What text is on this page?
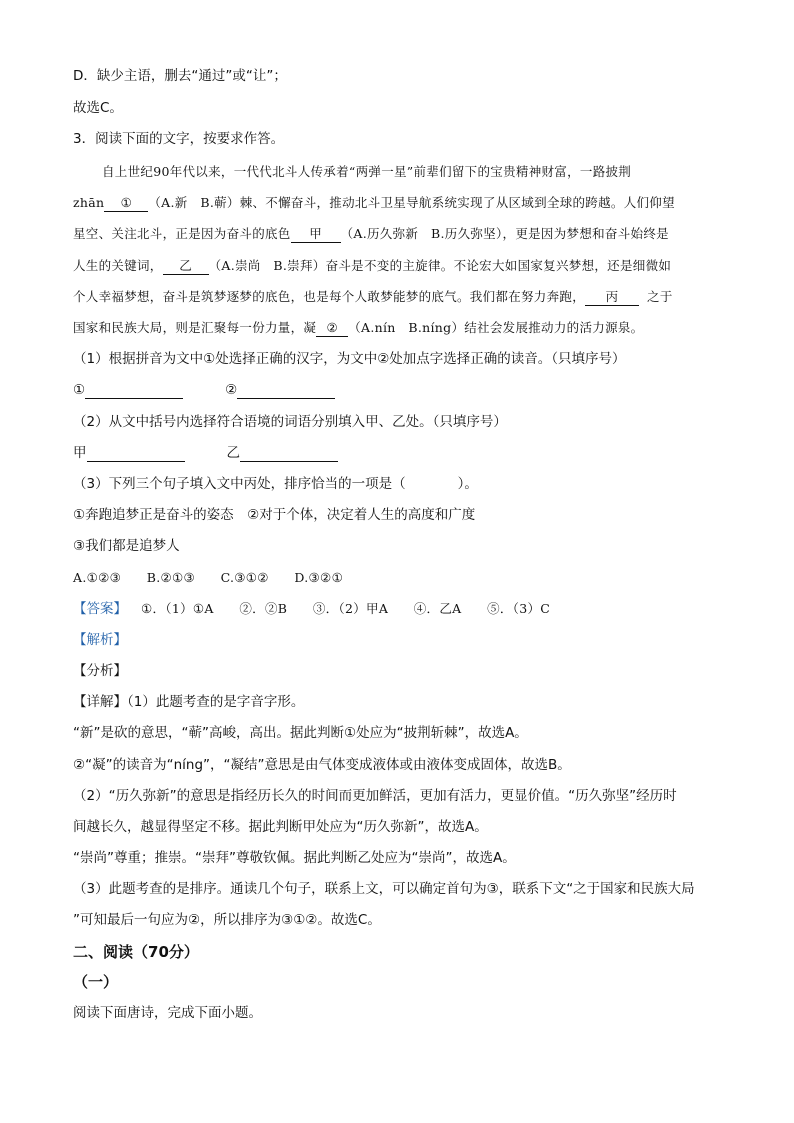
D．缺少主语，删去“通过”或“让”；
故选C。
3．阅读下面的文字，按要求作答。
自上世纪90年代以来，一代代北斗人传承着“两弹一星”前辈们留下的宝贵精神财富，一路披荆
zhān ① （A.新　B.蕲）棘、不懈奋斗，推动北斗卫星导航系统实现了从区域到全球的跨越。人们仰望
星空、关注北斗，正是因为奋斗的底色 甲 （A.历久弥新　B.历久弥坚），更是因为梦想和奋斗始终是
人生的关键词， 乙 （A.崇尚　B.崇拜）奋斗是不变的主旋律。不论宏大如国家复兴梦想，还是细微如
个人幸福梦想，奋斗是筑梦逐梦的底色，也是每个人敢梦能梦的底气。我们都在努力奔跑， 丙 之于
国家和民族大局，则是汇聚每一份力量，凝 ② （A.nín　B.níng）结社会发展推动力的活力源泉。
（1）根据拼音为文中①处选择正确的汉字，为文中②处加点字选择正确的读音。（只填序号）
①	②
（2）从文中括号内选择符合语境的词语分别填入甲、乙处。（只填序号）
甲	乙
（3）下列三个句子填入文中丙处，排序恰当的一项是（	）。
①奔跑追梦正是奋斗的姿态　②对于个体，决定着人生的高度和广度
③我们都是追梦人
A.①②③　　B.②①③　　C.③①②　　D.③②①
【答案】 ①．（1）①A　　②．②B　　③．（2）甲A　　④．乙A　　⑤．（3）C
【解析】
【分析】
【详解】（1）此题考查的是字音字形。
“新”是砍的意思，“蕲”高峻，高出。据此判断①处应为“披荆斩棘”，故选A。
②“凝”的读音为“níng”，“凝结”意思是由气体变成液体或由液体变成固体，故选B。
（2）“历久弥新”的意思是指经历长久的时间而更加鲜活，更加有活力，更显价值。“历久弥坚”经历时
间越长久，越显得坚定不移。据此判断甲处应为“历久弥新”，故选A。
“崇尚”尊重；推崇。“崇拜”尊敬钦佩。据此判断乙处应为“崇尚”，故选A。
（3）此题考查的是排序。通读几个句子，联系上文，可以确定首句为③，联系下文“之于国家和民族大局
”可知最后一句应为②，所以排序为③①②。故选C。
二、阅读（70分）
（一）
阅读下面唐诗，完成下面小题。
